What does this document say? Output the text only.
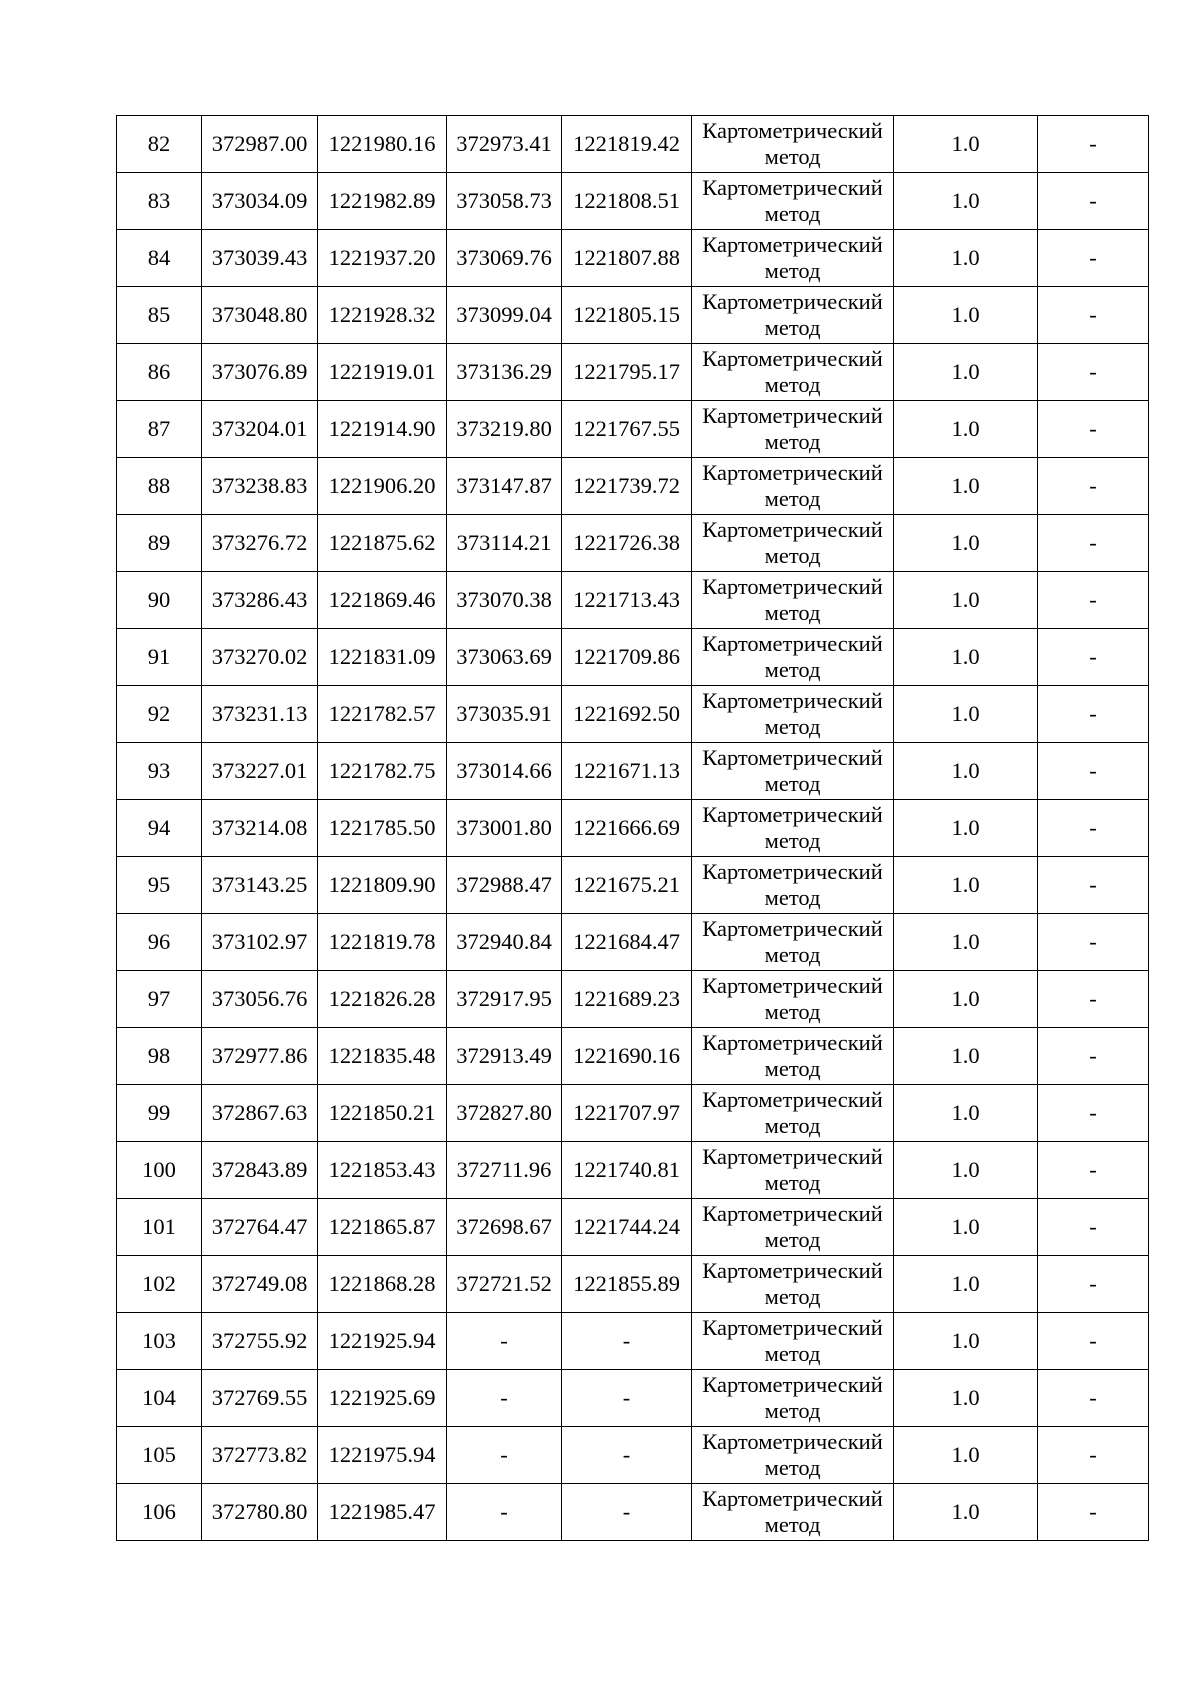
82	372987.00	1221980.16	372973.41	1221819.42	Картометрический
метод	1.0	-
83	373034.09	1221982.89	373058.73	1221808.51	Картометрический
метод	1.0	-
84	373039.43	1221937.20	373069.76	1221807.88	Картометрический
метод	1.0	-
85	373048.80	1221928.32	373099.04	1221805.15	Картометрический
метод	1.0	-
86	373076.89	1221919.01	373136.29	1221795.17	Картометрический
метод	1.0	-
87	373204.01	1221914.90	373219.80	1221767.55	Картометрический
метод	1.0	-
88	373238.83	1221906.20	373147.87	1221739.72	Картометрический
метод	1.0	-
89	373276.72	1221875.62	373114.21	1221726.38	Картометрический
метод	1.0	-
90	373286.43	1221869.46	373070.38	1221713.43	Картометрический
метод	1.0	-
91	373270.02	1221831.09	373063.69	1221709.86	Картометрический
метод	1.0	-
92	373231.13	1221782.57	373035.91	1221692.50	Картометрический
метод	1.0	-
93	373227.01	1221782.75	373014.66	1221671.13	Картометрический
метод	1.0	-
94	373214.08	1221785.50	373001.80	1221666.69	Картометрический
метод	1.0	-
95	373143.25	1221809.90	372988.47	1221675.21	Картометрический
метод	1.0	-
96	373102.97	1221819.78	372940.84	1221684.47	Картометрический
метод	1.0	-
97	373056.76	1221826.28	372917.95	1221689.23	Картометрический
метод	1.0	-
98	372977.86	1221835.48	372913.49	1221690.16	Картометрический
метод	1.0	-
99	372867.63	1221850.21	372827.80	1221707.97	Картометрический
метод	1.0	-
100	372843.89	1221853.43	372711.96	1221740.81	Картометрический
метод	1.0	-
101	372764.47	1221865.87	372698.67	1221744.24	Картометрический
метод	1.0	-
102	372749.08	1221868.28	372721.52	1221855.89	Картометрический
метод	1.0	-
103	372755.92	1221925.94	-	-	Картометрический
метод	1.0	-
104	372769.55	1221925.69	-	-	Картометрический
метод	1.0	-
105	372773.82	1221975.94	-	-	Картометрический
метод	1.0	-
106	372780.80	1221985.47	-	-	Картометрический
метод	1.0	-
